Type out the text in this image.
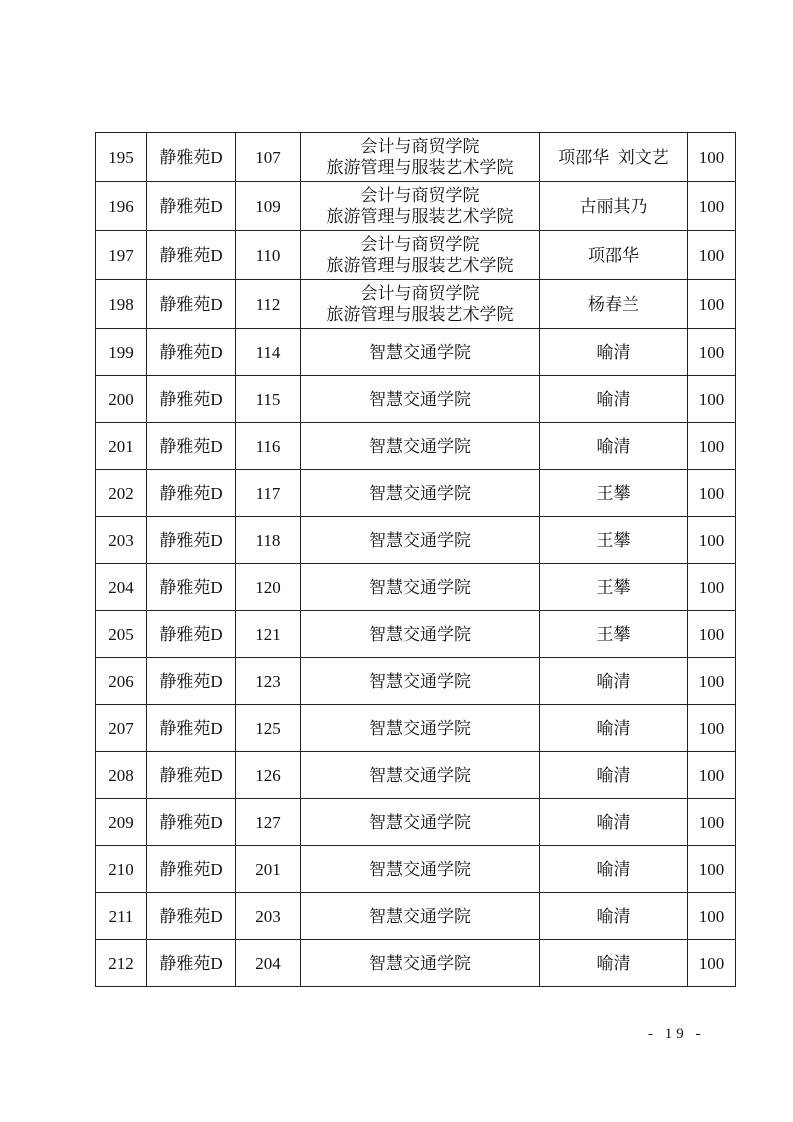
195	静雅苑D	107	会计与商贸学院
旅游管理与服装艺术学院	项邵华  刘文艺	100
196	静雅苑D	109	会计与商贸学院
旅游管理与服装艺术学院	古丽其乃	100
197	静雅苑D	110	会计与商贸学院
旅游管理与服装艺术学院	项邵华	100
198	静雅苑D	112	会计与商贸学院
旅游管理与服装艺术学院	杨春兰	100
199	静雅苑D	114	智慧交通学院	喻清	100
200	静雅苑D	115	智慧交通学院	喻清	100
201	静雅苑D	116	智慧交通学院	喻清	100
202	静雅苑D	117	智慧交通学院	王攀	100
203	静雅苑D	118	智慧交通学院	王攀	100
204	静雅苑D	120	智慧交通学院	王攀	100
205	静雅苑D	121	智慧交通学院	王攀	100
206	静雅苑D	123	智慧交通学院	喻清	100
207	静雅苑D	125	智慧交通学院	喻清	100
208	静雅苑D	126	智慧交通学院	喻清	100
209	静雅苑D	127	智慧交通学院	喻清	100
210	静雅苑D	201	智慧交通学院	喻清	100
211	静雅苑D	203	智慧交通学院	喻清	100
212	静雅苑D	204	智慧交通学院	喻清	100
- 19 -
